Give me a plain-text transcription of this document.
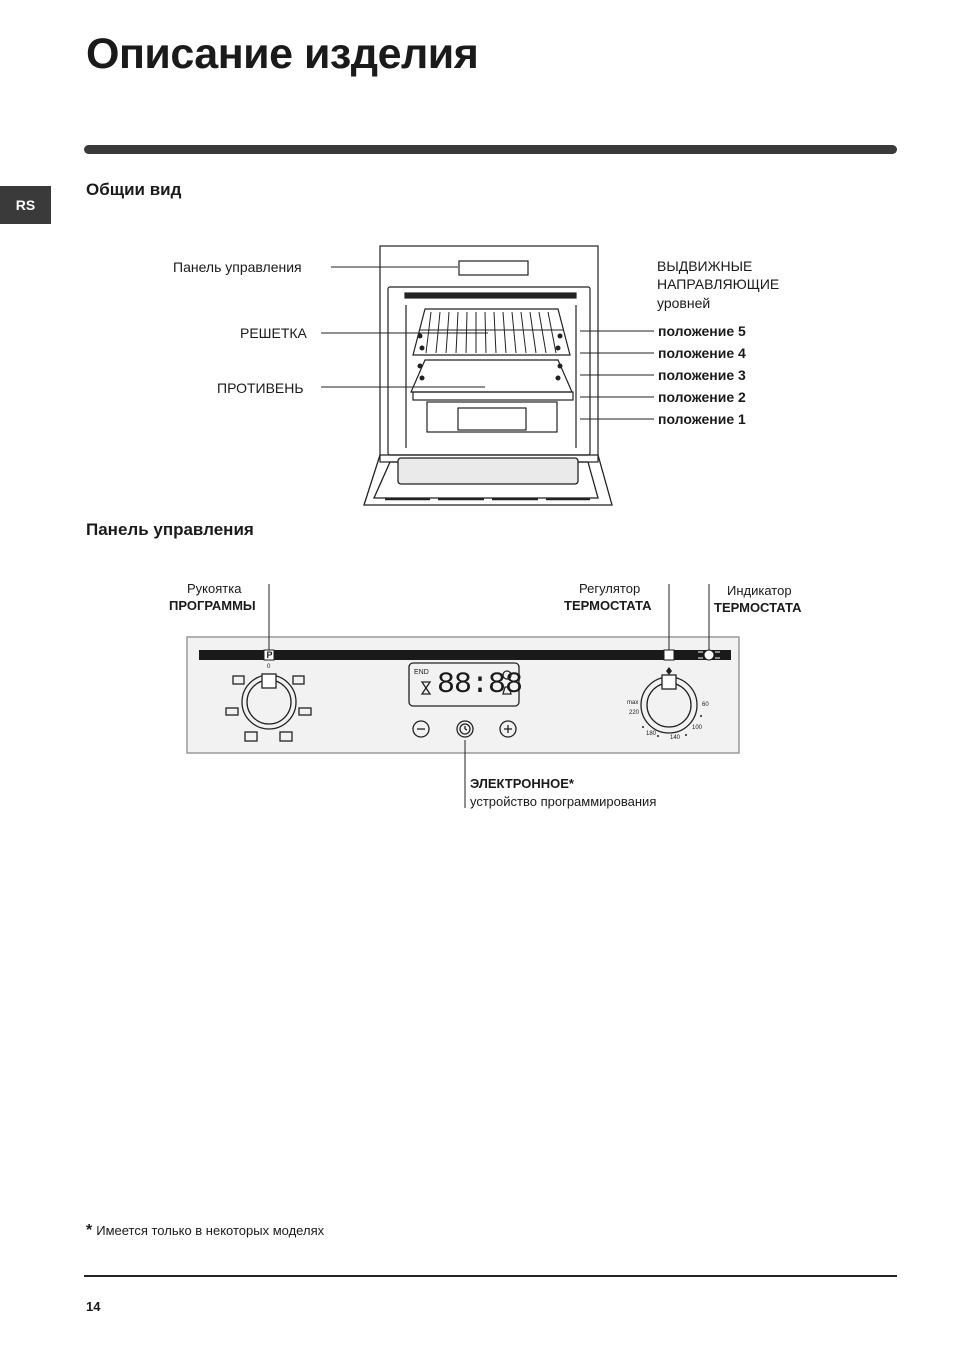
Описание изделия
RS
Общии вид
Панель управления
РЕШЕТКА
ПРОТИВЕНЬ
ВЫДВИЖНЫЕ
НАПРАВЛЯЮЩИЕ
уровней
положение 5
положение 4
положение 3
положение 2
положение 1
Панель управления
88:88
END
P
0
max
220
180
140
100
60
Рукоятка
ПРОГРАММЫ
Регулятор
ТЕРМОСТАТА
Индикатор
ТЕРМОСТАТА
ЭЛЕКТРОННОЕ*
устройство программирования
* Имеется только в некоторых моделях
14
